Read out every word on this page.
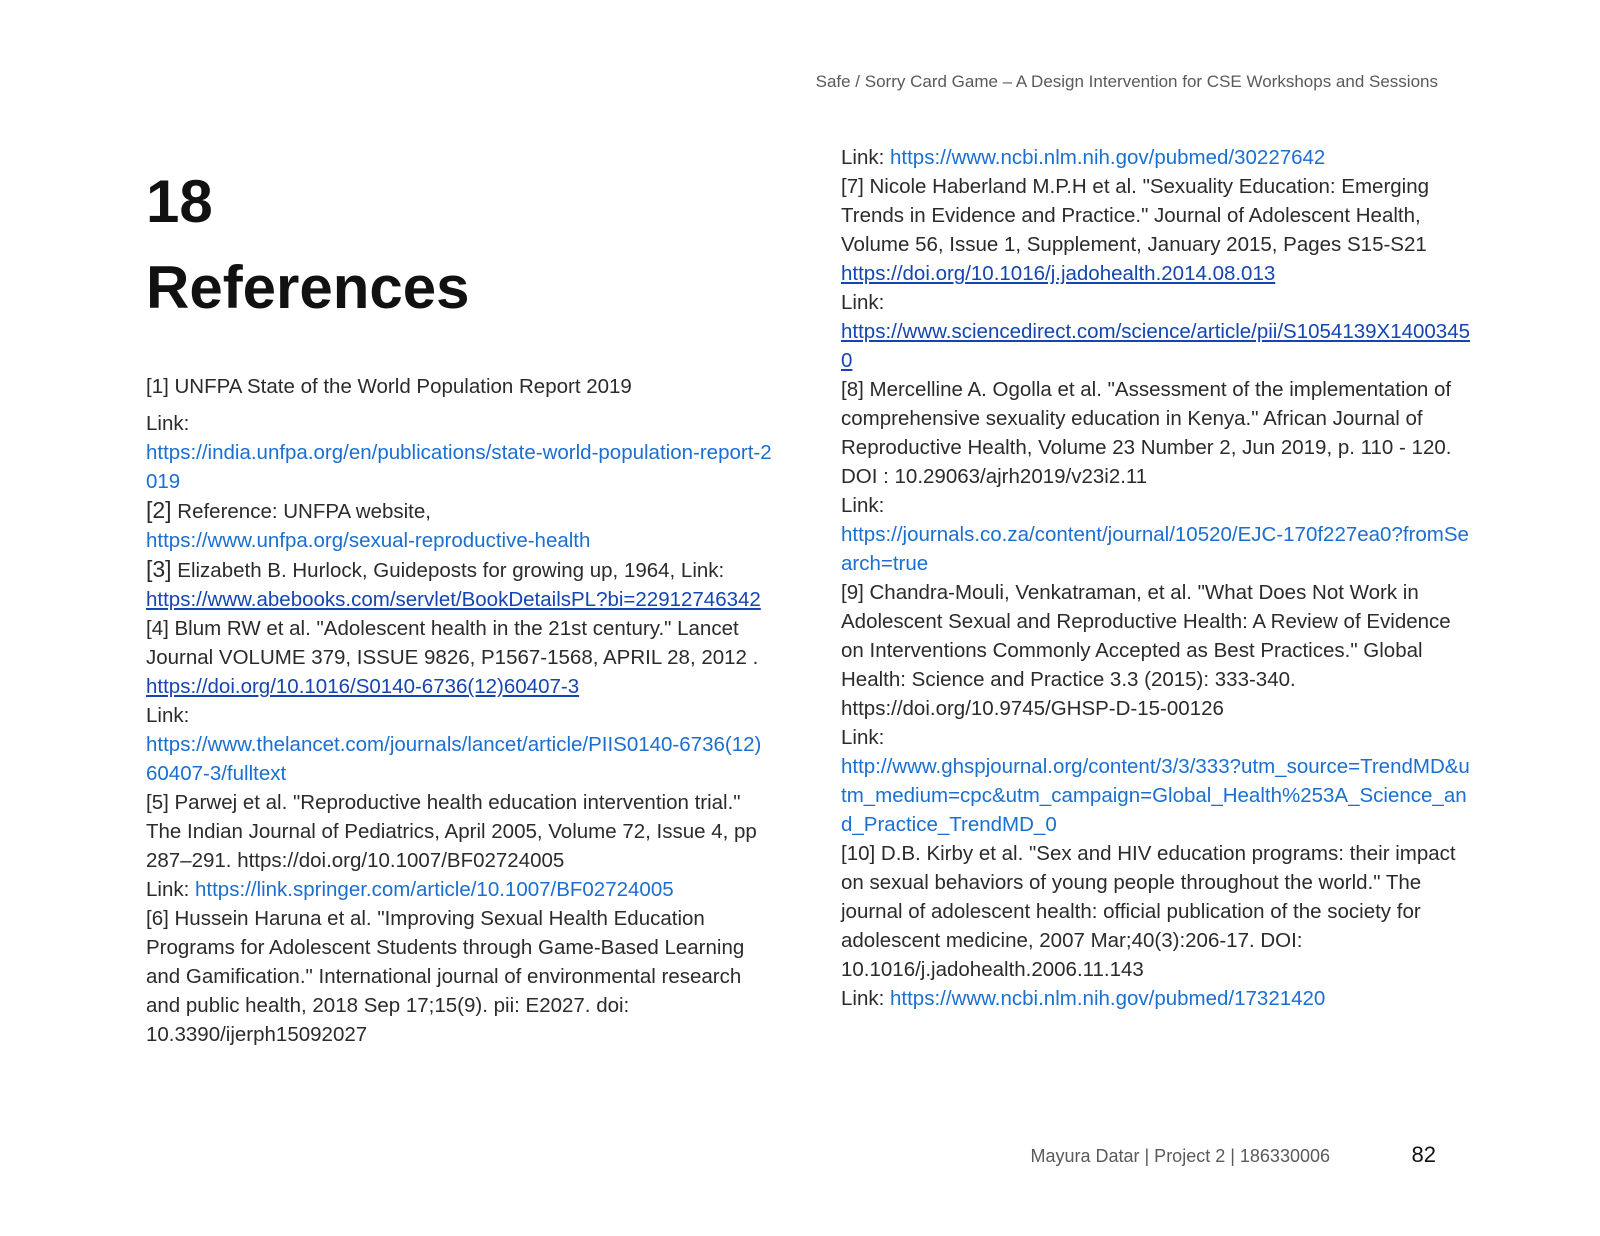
Safe / Sorry Card Game – A Design Intervention for CSE Workshops and Sessions
18
References

[1] UNFPA State of the World Population Report 2019

Link:

https://india.unfpa.org/en/publications/state-world-population-report-2019

[2] Reference: UNFPA website,

https://www.unfpa.org/sexual-reproductive-health

[3] Elizabeth B. Hurlock, Guideposts for growing up, 1964, Link:

https://www.abebooks.com/servlet/BookDetailsPL?bi=22912746342

[4] Blum RW et al. "Adolescent health in the 21st century." Lancet Journal VOLUME 379, ISSUE 9826, P1567-1568, APRIL 28, 2012 .

https://doi.org/10.1016/S0140-6736(12)60407-3

Link:

https://www.thelancet.com/journals/lancet/article/PIIS0140-6736(12)60407-3/fulltext

[5] Parwej et al. "Reproductive health education intervention trial." The Indian Journal of Pediatrics, April 2005, Volume 72, Issue 4, pp 287–291. https://doi.org/10.1007/BF02724005

Link: https://link.springer.com/article/10.1007/BF02724005

[6] Hussein Haruna et al. "Improving Sexual Health Education Programs for Adolescent Students through Game-Based Learning and Gamification." International journal of environmental research and public health, 2018 Sep 17;15(9). pii: E2027. doi: 10.3390/ijerph15092027

Link: https://www.ncbi.nlm.nih.gov/pubmed/30227642

[7] Nicole Haberland M.P.H et al. "Sexuality Education: Emerging Trends in Evidence and Practice." Journal of Adolescent Health, Volume 56, Issue 1, Supplement, January 2015, Pages S15-S21

https://doi.org/10.1016/j.jadohealth.2014.08.013

Link:

https://www.sciencedirect.com/science/article/pii/S1054139X14003450

[8] Mercelline A. Ogolla et al. "Assessment of the implementation of comprehensive sexuality education in Kenya." African Journal of Reproductive Health, Volume 23 Number 2, Jun 2019, p. 110 - 120. DOI : 10.29063/ajrh2019/v23i2.11

Link:

https://journals.co.za/content/journal/10520/EJC-170f227ea0?fromSearch=true

[9] Chandra-Mouli, Venkatraman, et al. "What Does Not Work in Adolescent Sexual and Reproductive Health: A Review of Evidence on Interventions Commonly Accepted as Best Practices." Global Health: Science and Practice 3.3 (2015): 333-340. https://doi.org/10.9745/GHSP-D-15-00126

Link:

http://www.ghspjournal.org/content/3/3/333?utm_source=TrendMD&utm_medium=cpc&utm_campaign=Global_Health%253A_Science_and_Practice_TrendMD_0

[10] D.B. Kirby et al. "Sex and HIV education programs: their impact on sexual behaviors of young people throughout the world." The journal of adolescent health: official publication of the society for adolescent medicine, 2007 Mar;40(3):206-17. DOI: 10.1016/j.jadohealth.2006.11.143

Link: https://www.ncbi.nlm.nih.gov/pubmed/17321420

Mayura Datar | Project 2 | 186330006	82
